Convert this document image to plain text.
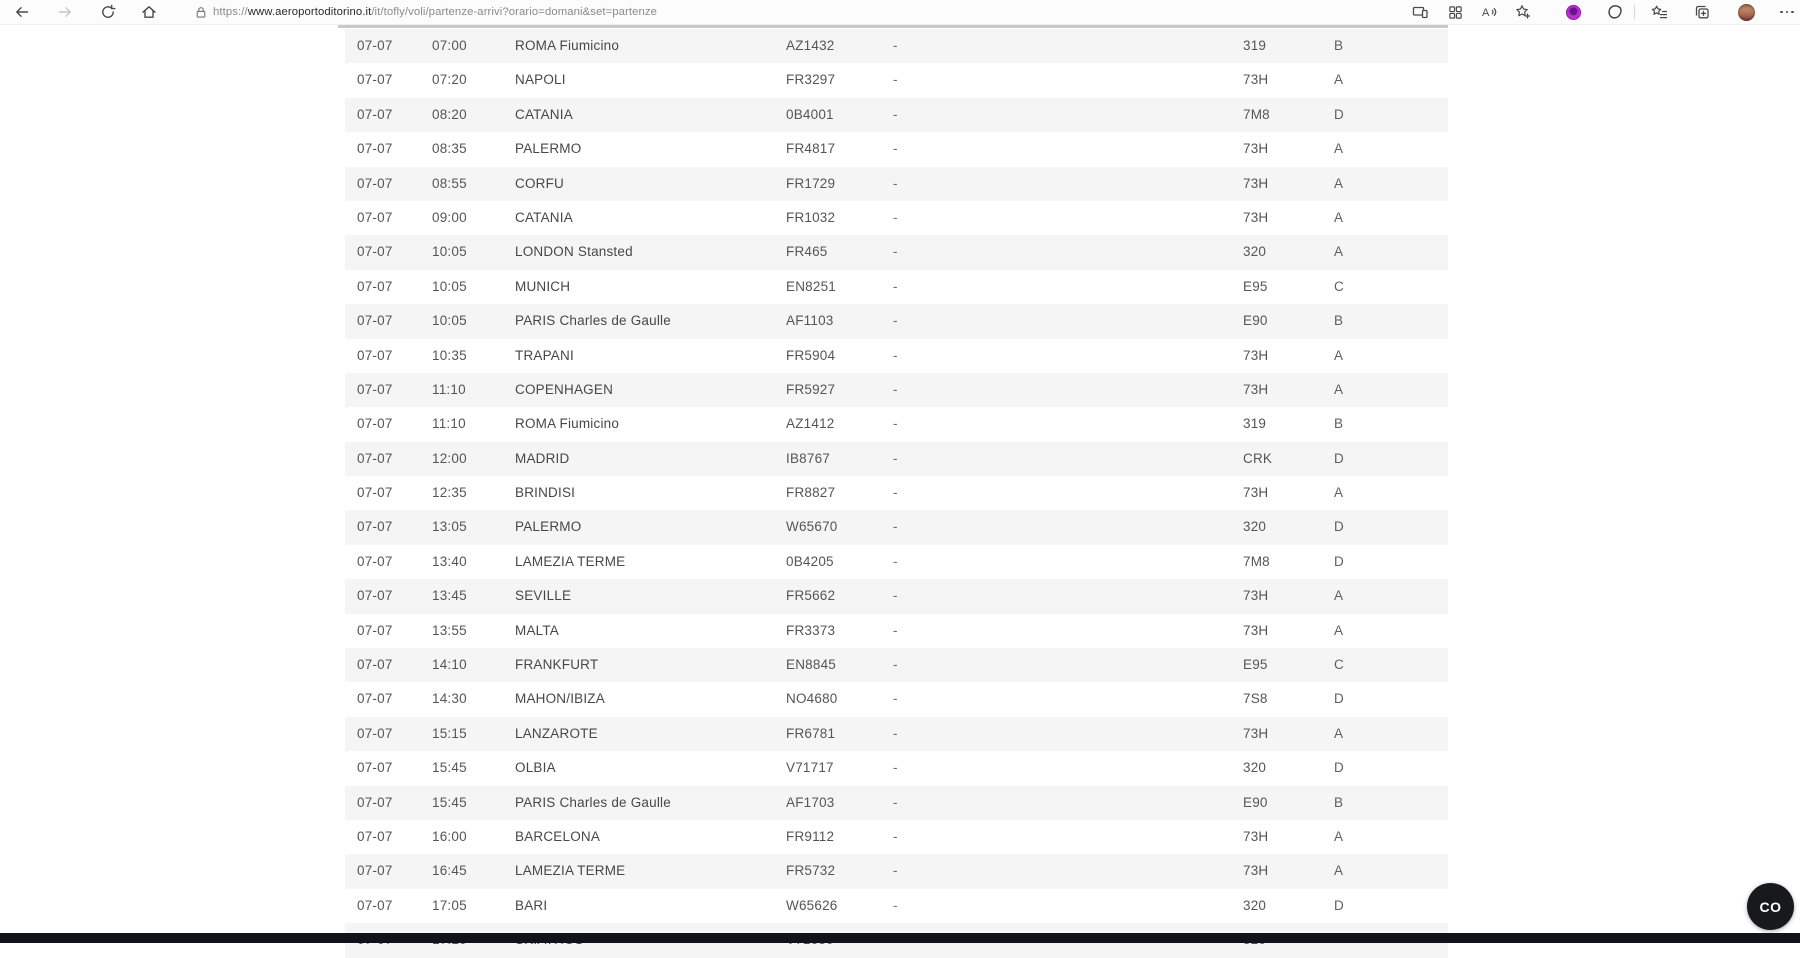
https://www.aeroportoditorino.it/it/tofly/voli/partenze-arrivi?orario=domani&set=partenze	A
07-07	07:00	ROMA Fiumicino	AZ1432	-	319	B
07-07	07:20	NAPOLI	FR3297	-	73H	A
07-07	08:20	CATANIA	0B4001	-	7M8	D
07-07	08:35	PALERMO	FR4817	-	73H	A
07-07	08:55	CORFU	FR1729	-	73H	A
07-07	09:00	CATANIA	FR1032	-	73H	A
07-07	10:05	LONDON Stansted	FR465	-	320	A
07-07	10:05	MUNICH	EN8251	-	E95	C
07-07	10:05	PARIS Charles de Gaulle	AF1103	-	E90	B
07-07	10:35	TRAPANI	FR5904	-	73H	A
07-07	11:10	COPENHAGEN	FR5927	-	73H	A
07-07	11:10	ROMA Fiumicino	AZ1412	-	319	B
07-07	12:00	MADRID	IB8767	-	CRK	D
07-07	12:35	BRINDISI	FR8827	-	73H	A
07-07	13:05	PALERMO	W65670	-	320	D
07-07	13:40	LAMEZIA TERME	0B4205	-	7M8	D
07-07	13:45	SEVILLE	FR5662	-	73H	A
07-07	13:55	MALTA	FR3373	-	73H	A
07-07	14:10	FRANKFURT	EN8845	-	E95	C
07-07	14:30	MAHON/IBIZA	NO4680	-	7S8	D
07-07	15:15	LANZAROTE	FR6781	-	73H	A
07-07	15:45	OLBIA	V71717	-	320	D
07-07	15:45	PARIS Charles de Gaulle	AF1703	-	E90	B
07-07	16:00	BARCELONA	FR9112	-	73H	A
07-07	16:45	LAMEZIA TERME	FR5732	-	73H	A
07-07	17:05	BARI	W65626	-	320	D	CO
